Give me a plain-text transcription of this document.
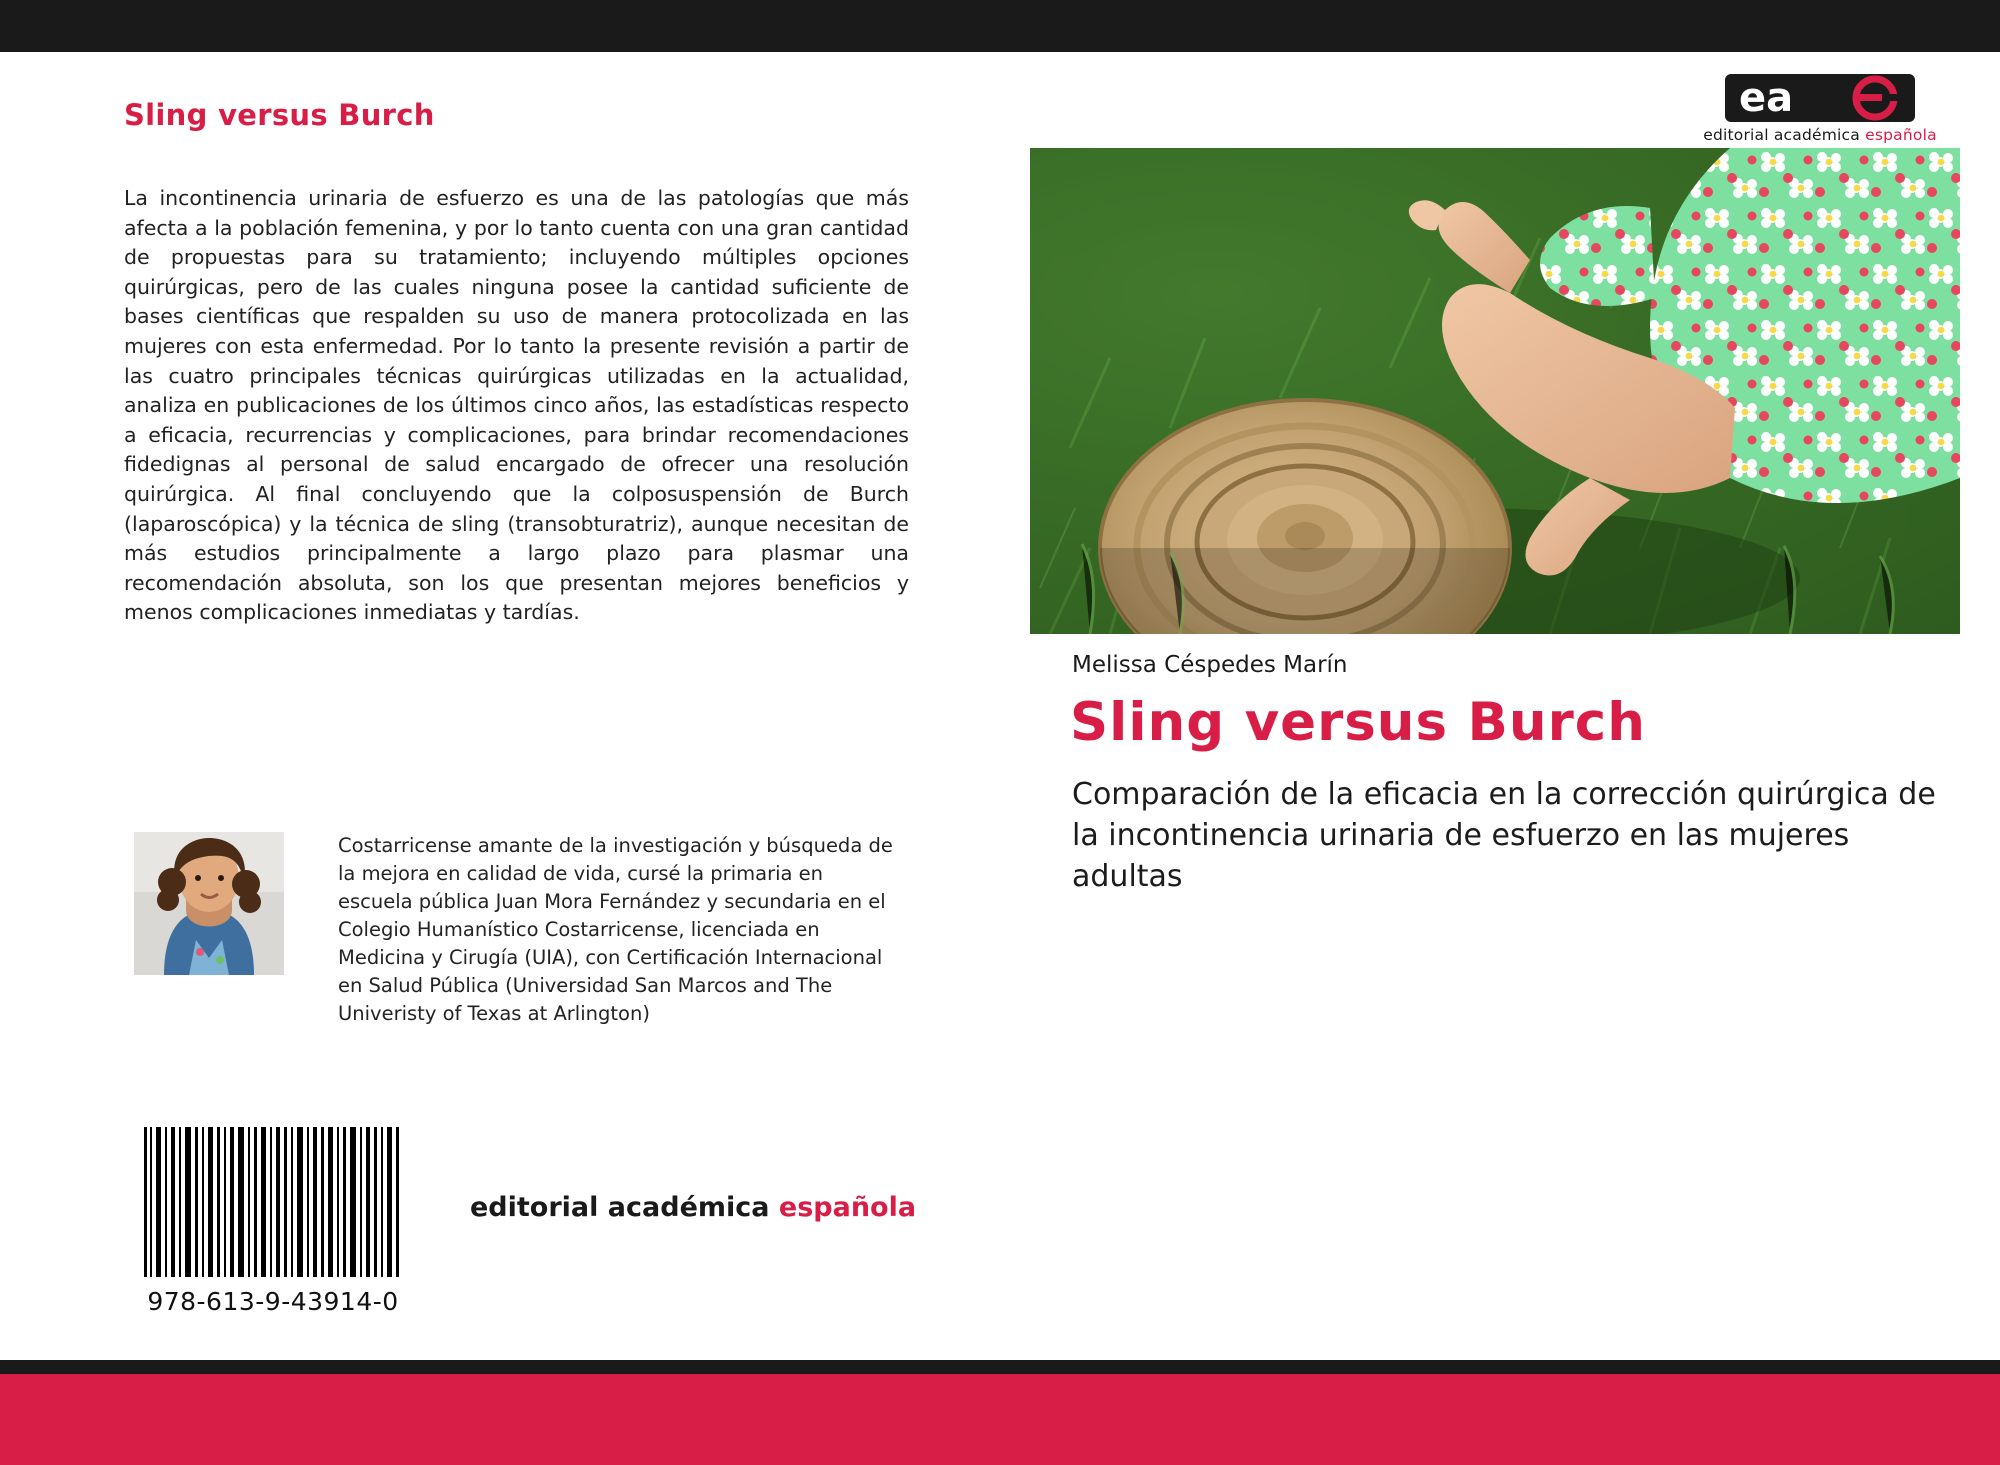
Sling versus Burch
La incontinencia urinaria de esfuerzo es una de las patologías que más afecta a la población femenina, y por lo tanto cuenta con una gran cantidad de propuestas para su tratamiento; incluyendo múltiples opciones quirúrgicas, pero de las cuales ninguna posee la cantidad suficiente de bases científicas que respalden su uso de manera protocolizada en las mujeres con esta enfermedad. Por lo tanto la presente revisión a partir de las cuatro principales técnicas quirúrgicas utilizadas en la actualidad, analiza en publicaciones de los últimos cinco años, las estadísticas respecto a eficacia, recurrencias y complicaciones, para brindar recomendaciones fidedignas al personal de salud encargado de ofrecer una resolución quirúrgica. Al final concluyendo que la colposuspensión de Burch (laparoscópica) y la técnica de sling (transobturatriz), aunque necesitan de más estudios principalmente a largo plazo para plasmar una recomendación absoluta, son los que presentan mejores beneficios y menos complicaciones inmediatas y tardías.
Costarricense amante de la investigación y búsqueda de la mejora en calidad de vida, cursé la primaria en escuela pública Juan Mora Fernández y secundaria en el Colegio Humanístico Costarricense, licenciada en Medicina y Cirugía (UIA), con Certificación Internacional en Salud Pública (Universidad San Marcos and The Univeristy of Texas at Arlington)
978-613-9-43914-0
editorial académica española
ea
editorial académica española
Melissa Céspedes Marín
Sling versus Burch
Comparación de la eficacia en la corrección quirúrgica de la incontinencia urinaria de esfuerzo en las mujeres adultas
